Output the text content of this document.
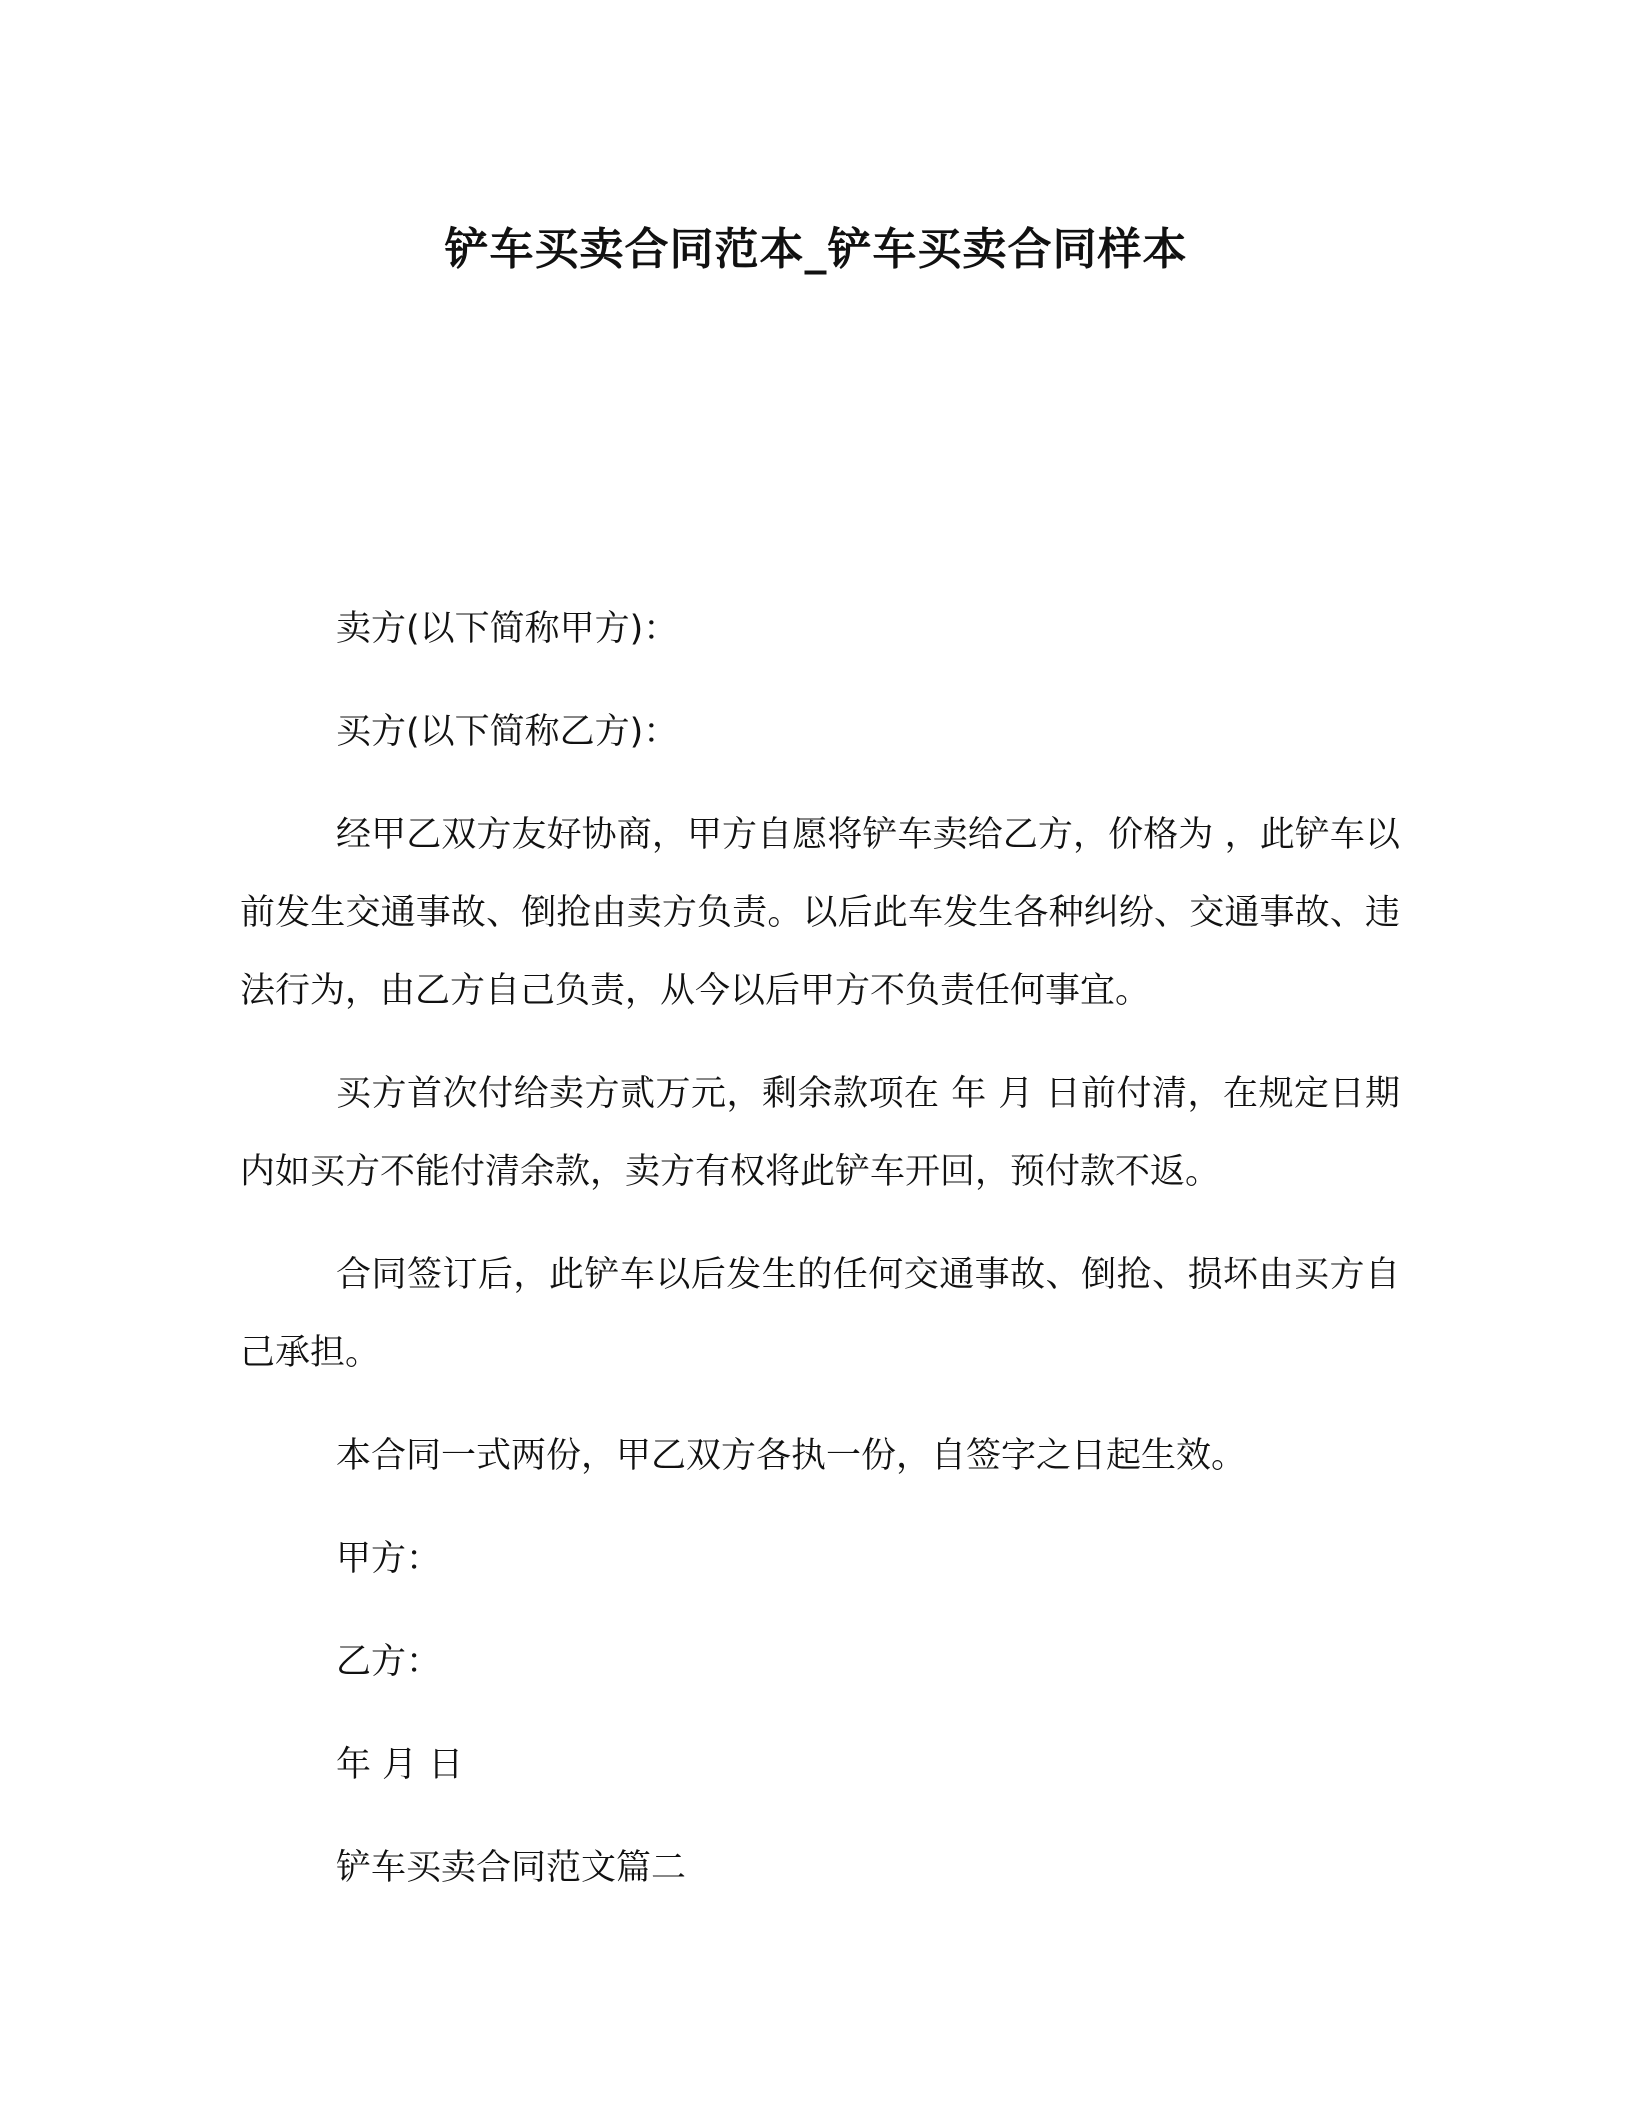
铲车买卖合同范本_铲车买卖合同样本

卖方(以下简称甲方)：

买方(以下简称乙方)：

经甲乙双方友好协商，甲方自愿将铲车卖给乙方，价格为 ，此铲车以前发生交通事故、倒抢由卖方负责。以后此车发生各种纠纷、交通事故、违法行为，由乙方自己负责，从今以后甲方不负责任何事宜。

买方首次付给卖方贰万元，剩余款项在 年 月 日前付清，在规定日期内如买方不能付清余款，卖方有权将此铲车开回，预付款不返。

合同签订后，此铲车以后发生的任何交通事故、倒抢、损坏由买方自己承担。

本合同一式两份，甲乙双方各执一份，自签字之日起生效。

甲方：

乙方：

年 月 日

铲车买卖合同范文篇二
